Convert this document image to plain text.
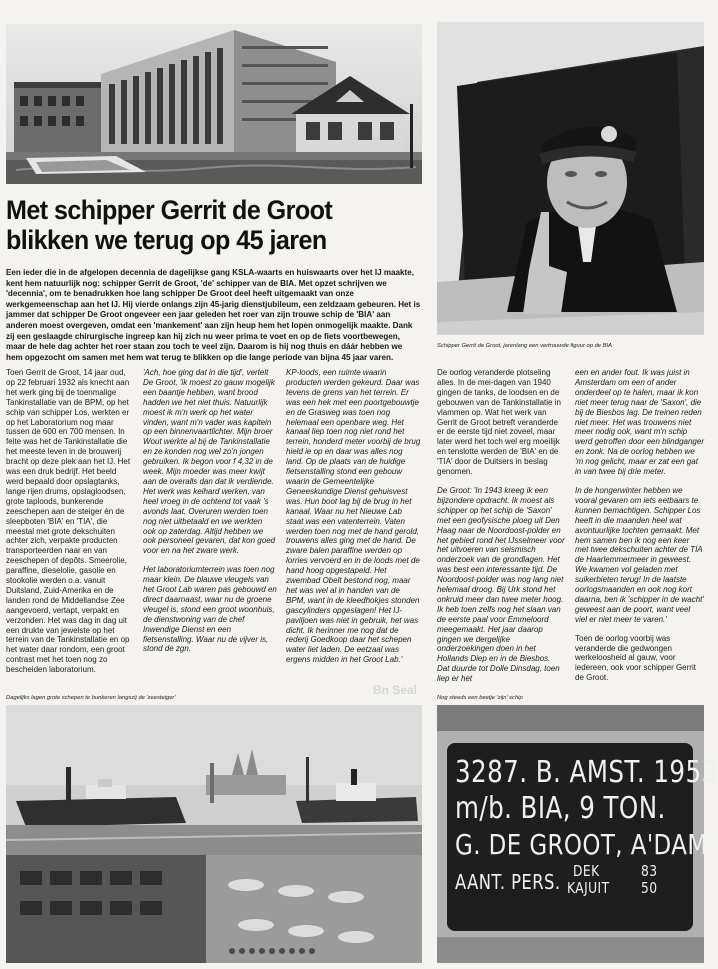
Met schipper Gerrit de Groot
blikken we terug op 45 jaren

Een ieder die in de afgelopen decennia de dagelijkse gang KSLA-waarts en huiswaarts over het IJ maakte, kent hem natuurlijk nog: schipper Gerrit de Groot, 'de' schipper van de BIA. Met opzet schrijven we 'decennia', om te benadrukken hoe lang schipper De Groot deel heeft uitgemaakt van onze werkgemeenschap aan het IJ. Hij vierde onlangs zijn 45-jarig dienstjubileum, een zeldzaam gebeuren. Het is jammer dat schipper De Groot ongeveer een jaar geleden het roer van zijn trouwe schip de 'BIA' aan anderen moest overgeven, omdat een 'mankement' aan zijn heup hem het lopen onmogelijk maakte. Dank zij een geslaagde chirurgische ingreep kan hij zich nu weer prima te voet en op de fiets voortbewegen, maar de hele dag achter het roer staan zou toch te veel zijn. Daarom is hij nog thuis en dáár hebben we hem opgezocht om samen met hem wat terug te blikken op die lange periode van bijna 45 jaar varen.

Schipper Gerrit de Groot, jarenlang een vertrouwde figuur op de BIA

Toen Gerrit de Groot, 14 jaar oud, op 22 februari 1932 als knecht aan het werk ging bij de toenmalige Tankinstallatie van de BPM, op het schip van schipper Los, werkten er op het Laboratorium nog maar tussen de 600 en 700 mensen. In feite was het de Tankinstallatie die het meeste leven in de brouwerij bracht op deze plek aan het IJ. Het was een druk bedrijf. Het beeld werd bepaald door opslagtanks, lange rijen drums, opslagloodsen, grote taploods, bunkerende zeeschepen aan de steiger én de sleepboten 'BIA' en 'TIA', die meestal met grote dekschuiten achter zich, verpakte producten transporteerden naar en van zeeschepen of depôts. Smeerolie, paraffine, dieselolie, gasolie en stookolie werden o.a. vanuit Duitsland, Zuid-Amerika en de landen rond de Middellandse Zee aangevoerd, vertapt, verpakt en verzonden. Het was dag in dag uit een drukte van jewelste op het terrein van de Tankinstallatie en op het water daar rondom, een groot contrast met het toen nog zo bescheiden laboratorium.

'Ach, hoe ging dat in die tijd', vertelt De Groot, 'ik moest zo gauw mogelijk een baantje hebben, want brood hadden we het niet thuis. Natuurlijk moest ik m'n werk op het water vinden, want m'n vader was kapitein op een binnenvaartlichter. Mijn broer Wout werkte al bij de Tankinstallatie en ze konden nog wel zo'n jongen gebruiken. Ik begon voor f 4,32 in de week. Mijn moeder was meer kwijt aan de overalls dan dat ik verdiende. Het werk was keihard werken, van heel vroeg in de ochtend tot vaak 's avonds laat. Overuren werden toen nog niet uitbetaald en we werkten ook op zaterdag. Altijd hebben we ook personeel gevaren, dat kon goed voor en na het zware werk.

Het laboratoriumterrein was toen nog maar klein. De blauwe vleugels van het Groot Lab waren pas gebouwd en direct daarnaast, waar nu de groene vleugel is, stond een groot woonhuis, de dienstwoning van de chef Inwendige Dienst en een fietsenstalling. Waar nu de vijver is, stond de zgn.

KP-loods, een ruimte waarin producten werden gekeurd. Daar was tevens de grens van het terrein. Er was een hek met een poortgebouwtje en de Grasweg was toen nog helemaal een openbare weg. Het kanaal liep toen nog niet rond het terrein, honderd meter voorbij de brug hield ie op en daar was alles nog land. Op de plaats van de huidige fietsenstalling stond een gebouw waarin de Gemeentelijke Geneeskundige Dienst gehuisvest was. Hun boot lag bij de brug in het kanaal. Waar nu het Nieuwe Lab staat was een vatenterrein. Vaten werden toen nog met de hand gerold, trouwens alles ging met de hand. De zware balen paraffine werden op lorries vervoerd en in de loods met de hand hoog opgestapeld. Het zwembad Obelt bestond nog, maar het was wel al in handen van de BPM, want in de kleedhokjes stonden gascylinders opgeslagen! Het IJ-paviljoen was niet in gebruik, het was dicht. Ik herinner me nog dat de rederij Goedkoop daar het schepen water liet laden. De eetzaal was ergens midden in het Groot Lab.'

De oorlog veranderde plotseling alles. In de mei-dagen van 1940 gingen de tanks, de loodsen en de gebouwen van de Tankinstallatie in vlammen op. Wat het werk van Gerrit de Groot betreft veranderde er de eerste tijd niet zoveel, maar later werd het toch wel erg moeilijk en tenslotte werden de 'BIA' en de 'TIA' door de Duitsers in beslag genomen.

De Groot: 'In 1943 kreeg ik een bijzondere opdracht. Ik moest als schipper op het schip de 'Saxon' met een geofysische ploeg uit Den Haag naar de Noordoost-polder en het gebied rond het IJsselmeer voor het uitvoeren van seismisch onderzoek van de grondlagen. Het was best een interessante tijd. De Noordoost-polder was nog lang niet helemaal droog. Bij Urk stond het onkruid meer dan twee meter hoog. Ik heb toen zelfs nog het slaan van de eerste paal voor Emmeloord meegemaakt. Het jaar daarop gingen we dergelijke onderzoekingen doen in het Hollands Diep en in de Biesbos. Dat duurde tot Dolle Dinsdag, toen liep er het

een en ander fout. Ik was juist in Amsterdam om een of ander onderdeel op te halen, maar ik kon niet meer terug naar de 'Saxon', die bij de Biesbos lag. De treinen reden niet meer. Het was trouwens niet meer nodig ook, want m'n schip werd getroffen door een blindganger en zonk. Na de oorlog hebben we 'm nog gelicht, maar er zat een gat in van twee bij drie meter.

In de hongerwinter hebben we vooral gevaren om iets eetbaars te kunnen bemachtigen. Schipper Los heeft in die maanden heel wat avontuurlijke tochten gemaakt. Met hem samen ben ik nog een keer met twee dekschuiten achter de TIA de Haarlemmermeer in geweest. We kwamen vol geladen met suikerbieten terug! In de laatste oorlogsmaanden en ook nog kort daarna, ben ik 'schipper in de wacht' geweest aan de poort, want veel viel er niet meer te varen.'

Toen de oorlog voorbij was veranderde die gedwongen werkeloosheid al gauw, voor iedereen, ook voor schipper Gerrit de Groot.

Dagelijks lagen grote schepen te bunkeren langszij de 'zeesteiger'	Nog steeds een beetje 'zijn' schip
3287. B. AMST. 1953
m/b. BIA, 9 TON.
G. DE GROOT, A'DAM
AANT. PERS. DEK
KAJUIT
83
50
Bn Seal
